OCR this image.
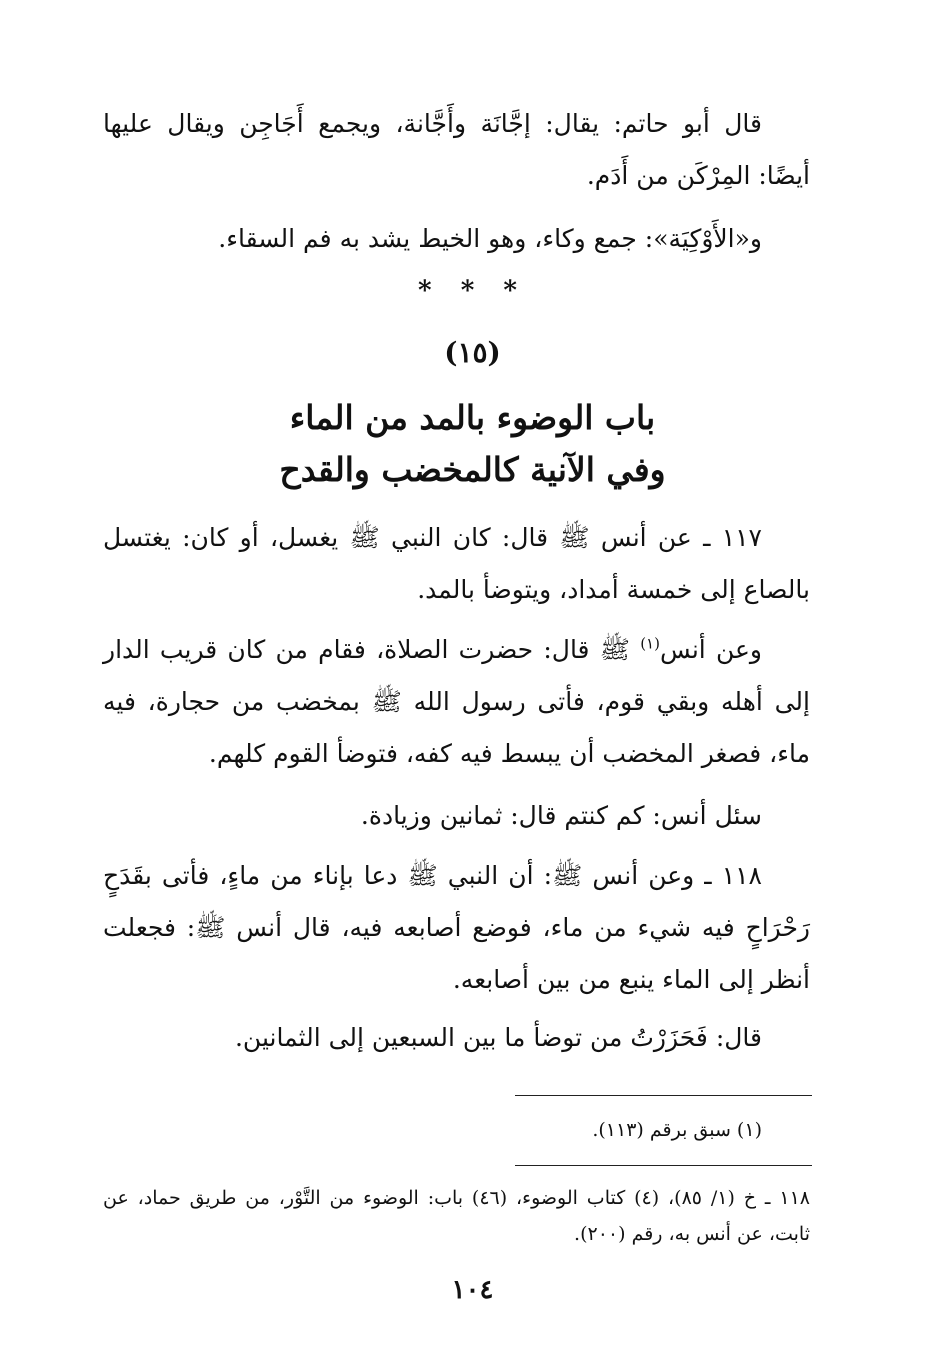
قال أبو حاتم: يقال: إجَّانَة وأَجَّانة، ويجمع أَجَاجِن ويقال عليها أيضًا: المِرْكَن من أَدَم.

و«الأَوْكِيَة»: جمع وكاء، وهو الخيط يشد به فم السقاء.

* * *
(١٥)
باب الوضوء بالمد من الماء
وفي الآنية كالمخضب والقدح

١١٧ ـ عن أنس ﷺ قال: كان النبي ﷺ يغسل، أو كان: يغتسل بالصاع إلى خمسة أمداد، ويتوضأ بالمد.

وعن أنس$^{(١)}$ ﷺ قال: حضرت الصلاة، فقام من كان قريب الدار إلى أهله وبقي قوم، فأتى رسول الله ﷺ بمخضب من حجارة، فيه ماء، فصغر المخضب أن يبسط فيه كفه، فتوضأ القوم كلهم.

سئل أنس: كم كنتم قال: ثمانين وزيادة.

١١٨ ـ وعن أنس ﷺ: أن النبي ﷺ دعا بإناء من ماءٍ، فأتى بقَدَحٍ رَحْرَاحٍ فيه شيء من ماء، فوضع أصابعه فيه، قال أنس ﷺ: فجعلت أنظر إلى الماء ينبع من بين أصابعه.

قال: فَحَزَرْتُ من توضأ ما بين السبعين إلى الثمانين.

(١) سبق برقم (١١٣).

١١٨ ـ خ (١/ ٨٥)، (٤) كتاب الوضوء، (٤٦) باب: الوضوء من التَّوْر، من طريق حماد، عن ثابت، عن أنس به، رقم (٢٠٠).

١٠٤
